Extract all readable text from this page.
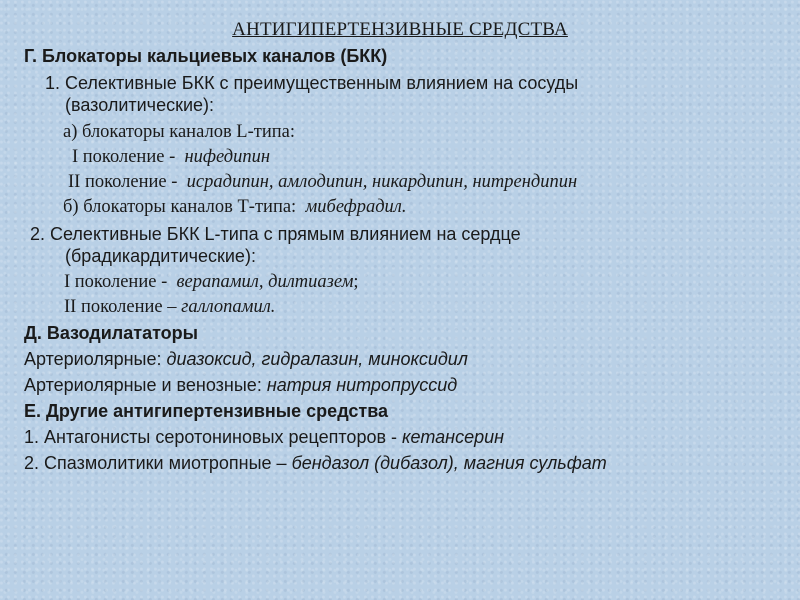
АНТИГИПЕРТЕНЗИВНЫЕ СРЕДСТВА
Г. Блокаторы кальциевых каналов (БКК)
1. Селективные БКК с преимущественным влиянием на сосуды
(вазолитические):
а) блокаторы каналов L-типа:
I поколение - нифедипин
II поколение - исрадипин, амлодипин, никардипин, нитрендипин
б) блокаторы каналов Т-типа: мибефрадил.
2. Селективные БКК L-типа с прямым влиянием на сердце
(брадикардитические):
I поколение - верапамил, дилтиазем;
II поколение – галлопамил.
Д. Вазодилататоры
Артериолярные: диазоксид, гидралазин, миноксидил
Артериолярные и венозные: натрия нитропруссид
Е. Другие антигипертензивные средства
1. Антагонисты серотониновых рецепторов - кетансерин
2. Спазмолитики миотропные – бендазол (дибазол), магния сульфат
